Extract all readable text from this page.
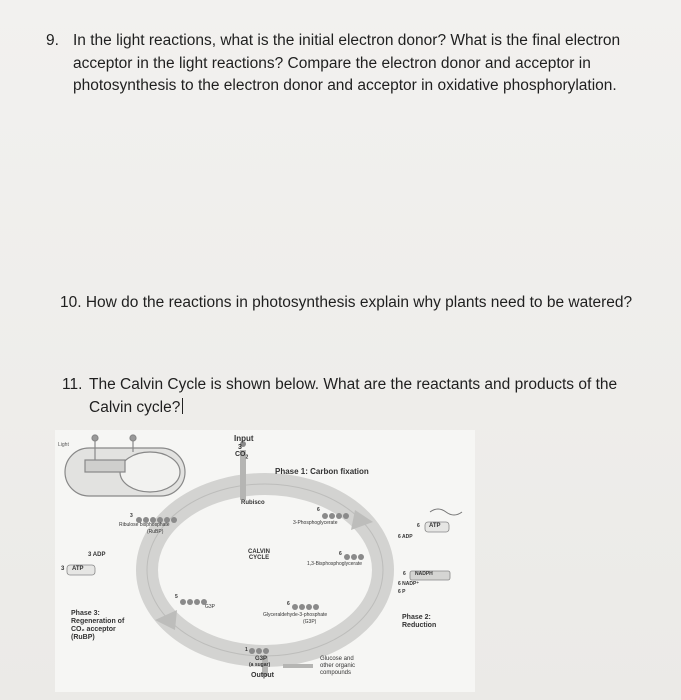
9. In the light reactions, what is the initial electron donor? What is the final electron
acceptor in the light reactions? Compare the electron donor and acceptor in
photosynthesis to the electron donor and acceptor in oxidative phosphorylation.
10. How do the reactions in photosynthesis explain why plants need to be watered?
11. The Calvin Cycle is shown below. What are the reactants and products of the
Calvin cycle?
Light
Input
3
$CO_2$
Phase 1: Carbon fixation
Rubisco
6
3-Phosphoglycerate	6 ATP
6 ADP
3
Ribulose bisphosphate
(RuBP)
3 ADP
3 ATP
CALVIN CYCLE
6
1,3-Bisphosphoglycerate
6 NADPH
6 NADP⁺
6 P
5
G3P	6
Glyceraldehyde-3-phosphate
(G3P)
Phase 3:
Regeneration of
CO₂ acceptor
(RuBP)
Phase 2:
Reduction
1
G3P
(a sugar)
Output
Glucose and
other organic
compounds
